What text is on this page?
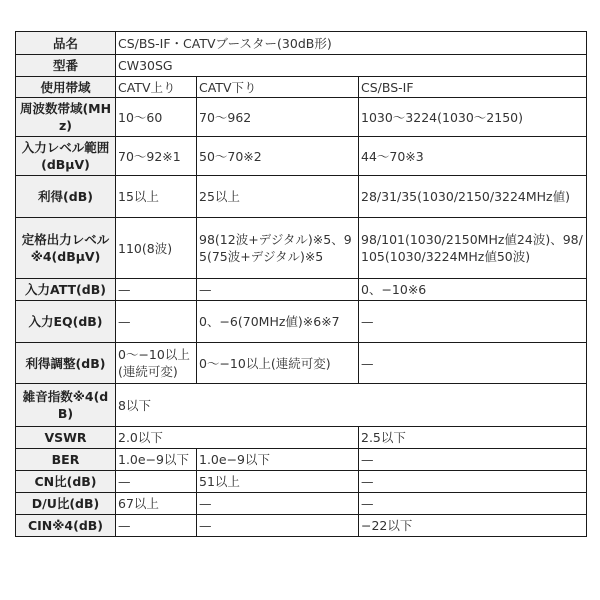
品名	CS/BS-IF・CATVブースター(30dB形)		
型番	CW30SG		
使用帯域	CATV上り	CATV下り	CS/BS-IF
周波数帯域(MHz)	10〜60	70〜962	1030〜3224(1030〜2150)
入力レベル範囲(dBμV)	70〜92※1	50〜70※2	44〜70※3
利得(dB)	15以上	25以上	28/31/35(1030/2150/3224MHz値)
定格出力レベル※4(dBμV)	110(8波)	98(12波+デジタル)※5、95(75波+デジタル)※5	98/101(1030/2150MHz値24波)、98/105(1030/3224MHz値50波)
入力ATT(dB)	—	—	0、−10※6
入力EQ(dB)	—	0、−6(70MHz値)※6※7	—
利得調整(dB)	0〜−10以上(連続可変)	0〜−10以上(連続可変)	—
雑音指数※4(dB)	8以下		
VSWR	2.0以下		2.5以下
BER	1.0e−9以下	1.0e−9以下	—
CN比(dB)	—	51以上	—
D/U比(dB)	67以上	—	—
CIN※4(dB)	—	—	−22以下
